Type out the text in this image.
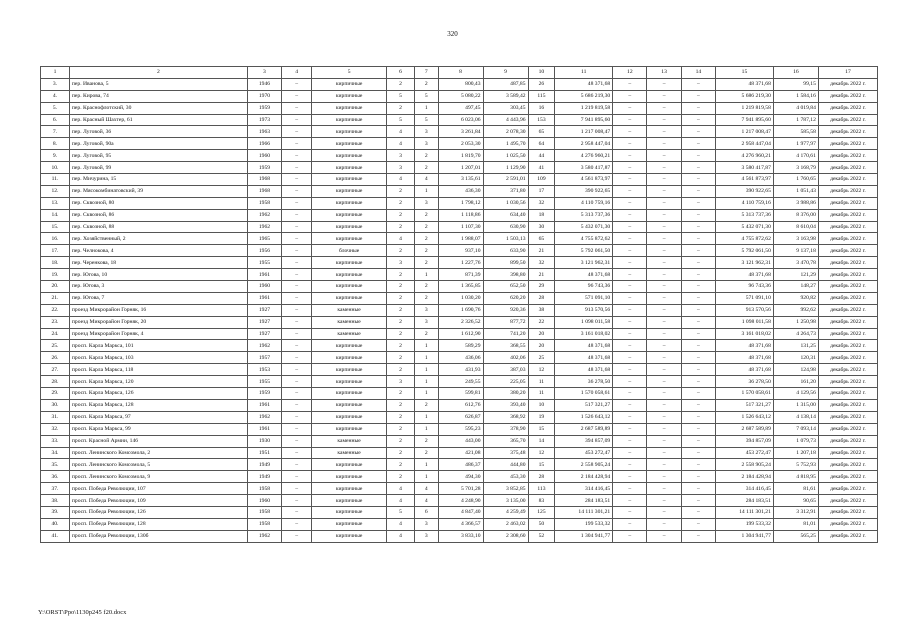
320
1	2	3	4	5	6	7	8	9	10	11	12	13	14	15	16	17
3.	пер. Иванова, 5	1946	–	кирпичные	2	2	800,43	487,85	26	48 371,68	–	–	–	48 371,68	99,15	декабрь 2022 г.
4.	пер. Кирова, 74	1970	–	кирпичные	5	5	5 080,22	3 589,42	115	5 686 219,30	–	–	–	5 686 219,30	1 584,16	декабрь 2022 г.
5.	пер. Краснофлотский, 30	1959	–	кирпичные	2	1	497,45	303,45	16	1 219 819,58	–	–	–	1 219 819,58	4 019,84	декабрь 2022 г.
6.	пер. Красный Шахтер, 61	1973	–	кирпичные	5	5	6 023,06	4 443,96	153	7 941 895,60	–	–	–	7 941 895,60	1 787,12	декабрь 2022 г.
7.	пер. Луговой, 36	1963	–	кирпичные	4	3	3 261,84	2 078,30	65	1 217 008,47	–	–	–	1 217 008,47	585,58	декабрь 2022 г.
8.	пер. Луговой, 90а	1966	–	кирпичные	4	3	2 053,30	1 495,70	64	2 958 447,04	–	–	–	2 958 447,04	1 977,97	декабрь 2022 г.
9.	пер. Луговой, 95	1960	–	кирпичные	3	2	1 819,70	1 025,50	44	4 276 960,21	–	–	–	4 276 960,21	4 170,61	декабрь 2022 г.
10.	пер. Луговой, 99	1959	–	кирпичные	3	2	1 207,01	1 129,90	41	3 580 417,87	–	–	–	3 580 417,87	3 168,79	декабрь 2022 г.
11.	пер. Мичурина, 15	1968	–	кирпичные	4	4	3 135,61	2 591,01	109	4 561 873,97	–	–	–	4 561 873,97	1 760,65	декабрь 2022 г.
12.	пер. Мясокомбинатовский, 39	1968	–	кирпичные	2	1	436,30	371,80	17	390 922,65	–	–	–	390 922,65	1 051,43	декабрь 2022 г.
13.	пер. Сквозной, 80	1958	–	кирпичные	2	3	1 798,12	1 030,56	32	4 110 759,16	–	–	–	4 110 759,16	3 988,86	декабрь 2022 г.
14.	пер. Сквозной, 86	1962	–	кирпичные	2	2	1 118,86	634,40	18	5 313 737,36	–	–	–	5 313 737,36	8 376,00	декабрь 2022 г.
15.	пер. Сквозной, 88	1962	–	кирпичные	2	2	1 107,30	630,90	30	5 432 071,30	–	–	–	5 432 071,30	8 610,04	декабрь 2022 г.
16.	пер. Хозяйственный, 2	1965	–	кирпичные	4	2	1 988,07	1 503,13	65	4 755 872,62	–	–	–	4 755 872,62	3 163,98	декабрь 2022 г.
17.	пер. Челнокова, 4	1956	–	блочные	2	2	937,10	633,90	21	5 792 061,50	–	–	–	5 792 061,50	9 137,18	декабрь 2022 г.
18.	пер. Черенкова, 18	1955	–	кирпичные	3	2	1 227,76	899,50	32	3 121 962,31	–	–	–	3 121 962,31	3 470,78	декабрь 2022 г.
19.	пер. Югова, 10	1961	–	кирпичные	2	1	871,39	398,80	21	48 371,68	–	–	–	48 371,68	121,29	декабрь 2022 г.
20.	пер. Югова, 3	1960	–	кирпичные	2	2	1 365,85	652,50	29	96 743,36	–	–	–	96 743,36	148,27	декабрь 2022 г.
21.	пер. Югова, 7	1961	–	кирпичные	2	2	1 030,20	620,20	28	571 091,10	–	–	–	571 091,10	920,82	декабрь 2022 г.
22.	проезд Микрорайон Горняк, 16	1927	–	каменные	2	3	1 690,76	920,36	38	913 570,56	–	–	–	913 570,56	992,62	декабрь 2022 г.
23.	проезд Микрорайон Горняк, 20	1927	–	каменные	2	3	2 326,52	877,72	22	1 098 011,58	–	–	–	1 098 011,58	1 250,98	декабрь 2022 г.
24.	проезд Микрорайон Горняк, 4	1927	–	каменные	2	2	1 612,90	741,20	20	3 161 018,02	–	–	–	3 161 018,02	4 264,73	декабрь 2022 г.
25.	просп. Карла Маркса, 101	1962	–	кирпичные	2	1	589,29	368,55	20	48 371,68	–	–	–	48 371,68	131,25	декабрь 2022 г.
26.	просп. Карла Маркса, 103	1957	–	кирпичные	2	1	436,06	402,06	25	48 371,68	–	–	–	48 371,68	120,31	декабрь 2022 г.
27.	просп. Карла Маркса, 118	1953	–	кирпичные	2	1	431,93	387,03	12	48 371,68	–	–	–	48 371,68	124,98	декабрь 2022 г.
28.	просп. Карла Маркса, 120	1955	–	кирпичные	3	1	249,55	225,05	11	36 278,50	–	–	–	36 278,50	161,20	декабрь 2022 г.
29.	просп. Карла Маркса, 126	1959	–	кирпичные	2	1	599,81	380,20	11	1 570 058,61	–	–	–	1 570 058,61	4 129,56	декабрь 2022 г.
30.	просп. Карла Маркса, 128	1961	–	кирпичные	2	2	612,76	393,40	10	517 321,27	–	–	–	517 321,27	1 315,00	декабрь 2022 г.
31.	просп. Карла Маркса, 97	1962	–	кирпичные	2	1	626,87	368,92	19	1 526 643,12	–	–	–	1 526 643,12	4 138,14	декабрь 2022 г.
32.	просп. Карла Маркса, 99	1961	–	кирпичные	2	1	595,23	378,90	15	2 687 589,89	–	–	–	2 687 589,89	7 093,14	декабрь 2022 г.
33.	просп. Красной Армии, 146	1930	–	каменные	2	2	443,00	365,70	14	394 857,09	–	–	–	394 857,09	1 079,73	декабрь 2022 г.
34.	просп. Ленинского Комсомола, 2	1951	–	каменные	2	2	421,08	375,48	12	453 272,47	–	–	–	453 272,47	1 207,18	декабрь 2022 г.
35.	просп. Ленинского Комсомола, 5	1949	–	кирпичные	2	1	486,37	444,80	15	2 558 905,24	–	–	–	2 558 905,24	5 752,93	декабрь 2022 г.
36.	просп. Ленинского Комсомола, 9	1949	–	кирпичные	2	1	494,30	453,30	28	2 184 428,94	–	–	–	2 184 428,94	4 818,95	декабрь 2022 г.
37.	просп. Победа Революции, 107	1958	–	кирпичные	4	4	5 701,28	3 852,85	113	314 416,45	–	–	–	314 416,45	81,61	декабрь 2022 г.
38.	просп. Победа Революции, 109	1960	–	кирпичные	4	4	4 248,90	3 135,00	83	284 183,51	–	–	–	284 183,51	90,65	декабрь 2022 г.
39.	просп. Победа Революции, 126	1958	–	кирпичные	5	6	4 847,40	4 259,49	125	14 111 301,21	–	–	–	14 111 301,21	3 312,91	декабрь 2022 г.
40.	просп. Победа Революции, 128	1958	–	кирпичные	4	3	4 366,57	2 463,02	50	199 533,32	–	–	–	199 533,32	81,01	декабрь 2022 г.
41.	просп. Победа Революции, 130б	1962	–	кирпичные	4	3	3 833,10	2 308,60	52	1 304 941,77	–	–	–	1 304 941,77	565,25	декабрь 2022 г.
Y:\ORST\Ppo\1130p245 f20.docx
